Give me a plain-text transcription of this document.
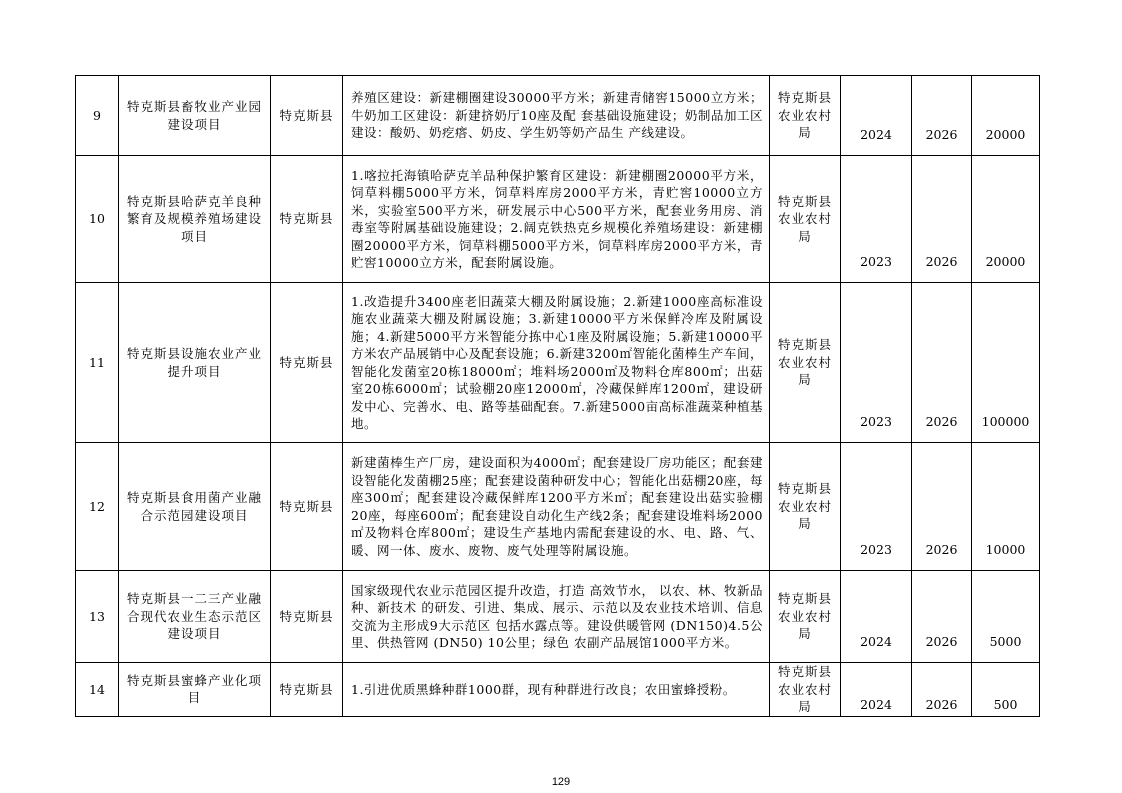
9	特克斯县畜牧业产业园建设项目	特克斯县	养殖区建设：新建棚圈建设30000平方米；新建青储窖15000立方米；牛奶加工区建设：新建挤奶厅10座及配 套基础设施建设；奶制品加工区建设：酸奶、奶疙瘩、奶皮、学生奶等奶产品生 产线建设。	特克斯县农业农村局	2024	2026	20000
10	特克斯县哈萨克羊良种繁育及规模养殖场建设项目	特克斯县	1.喀拉托海镇哈萨克羊品种保护繁育区建设：新建棚圈20000平方米，饲草料棚5000平方米，饲草料库房2000平方米，青贮窖10000立方米，实验室500平方米，研发展示中心500平方米，配套业务用房、消毒室等附属基础设施建设；2.阔克铁热克乡规模化养殖场建设：新建棚圈20000平方米，饲草料棚5000平方米，饲草料库房2000平方米，青贮窖10000立方米，配套附属设施。	特克斯县农业农村局	2023	2026	20000
11	特克斯县设施农业产业提升项目	特克斯县	1.改造提升3400座老旧蔬菜大棚及附属设施；2.新建1000座高标准设施农业蔬菜大棚及附属设施；3.新建10000平方米保鲜冷库及附属设施；4.新建5000平方米智能分拣中心1座及附属设施；5.新建10000平方米农产品展销中心及配套设施；6.新建3200㎡智能化菌棒生产车间，智能化发菌室20栋18000㎡；堆料场2000㎡及物料仓库800㎡；出菇室20栋6000㎡；试验棚20座12000㎡，冷藏保鲜库1200㎡，建设研发中心、完善水、电、路等基础配套。7.新建5000亩高标准蔬菜种植基地。	特克斯县农业农村局	2023	2026	100000
12	特克斯县食用菌产业融合示范园建设项目	特克斯县	新建菌棒生产厂房，建设面积为4000㎡；配套建设厂房功能区；配套建设智能化发菌棚25座；配套建设菌种研发中心；智能化出菇棚20座，每座300㎡；配套建设冷藏保鲜库1200平方米㎡；配套建设出菇实验棚20座，每座600㎡；配套建设自动化生产线2条；配套建设堆料场2000㎡及物料仓库800㎡；建设生产基地内需配套建设的水、电、路、气、暖、网一体、废水、废物、废气处理等附属设施。	特克斯县农业农村局	2023	2026	10000
13	特克斯县一二三产业融合现代农业生态示范区建设项目	特克斯县	国家级现代农业示范园区提升改造，打造 高效节水， 以农、林、牧新品种、新技术 的研发、引进、集成、展示、示范以及农业技术培训、信息交流为主形成9大示范区 包括水露点等。建设供暖管网 (DN150)4.5公里、供热管网 (DN50) 10公里；绿色 农副产品展馆1000平方米。	特克斯县农业农村局	2024	2026	5000
14	特克斯县蜜蜂产业化项目	特克斯县	1.引进优质黑蜂种群1000群，现有种群进行改良；农田蜜蜂授粉。	特克斯县农业农村局	2024	2026	500
129
